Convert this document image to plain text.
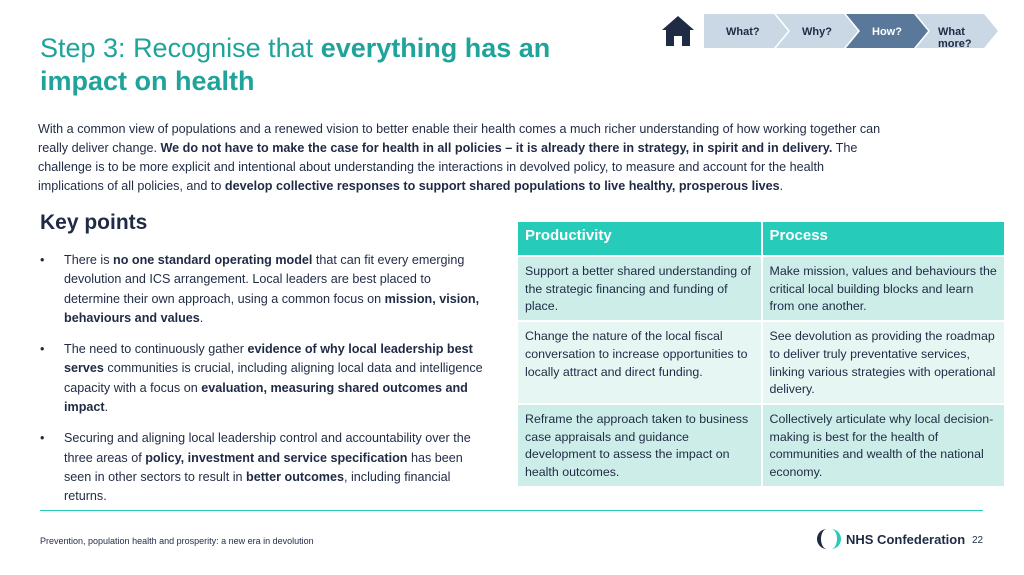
What?	Why?	How?	What more?
Step 3: Recognise that everything has an impact on health

With a common view of populations and a renewed vision to better enable their health comes a much richer understanding of how working together can really deliver change. We do not have to make the case for health in all policies – it is already there in strategy, in spirit and in delivery. The challenge is to be more explicit and intentional about understanding the interactions in devolved policy, to measure and account for the health implications of all policies, and to develop collective responses to support shared populations to live healthy, prosperous lives.

Key points
• There is no one standard operating model that can fit every emerging devolution and ICS arrangement. Local leaders are best placed to determine their own approach, using a common focus on mission, vision, behaviours and values.
• The need to continuously gather evidence of why local leadership best serves communities is crucial, including aligning local data and intelligence capacity with a focus on evaluation, measuring shared outcomes and impact.
• Securing and aligning local leadership control and accountability over the three areas of policy, investment and service specification has been seen in other sectors to result in better outcomes, including financial returns.
Productivity	Process
Support a better shared understanding of the strategic financing and funding of place.	Make mission, values and behaviours the critical local building blocks and learn from one another.
Change the nature of the local fiscal conversation to increase opportunities to locally attract and direct funding.	See devolution as providing the roadmap to deliver truly preventative services, linking various strategies with operational delivery.
Reframe the approach taken to business case appraisals and guidance development to assess the impact on health outcomes.	Collectively articulate why local decision-making is best for the health of communities and wealth of the national economy.
Prevention, population health and prosperity: a new era in devolution	NHS Confederation 22
